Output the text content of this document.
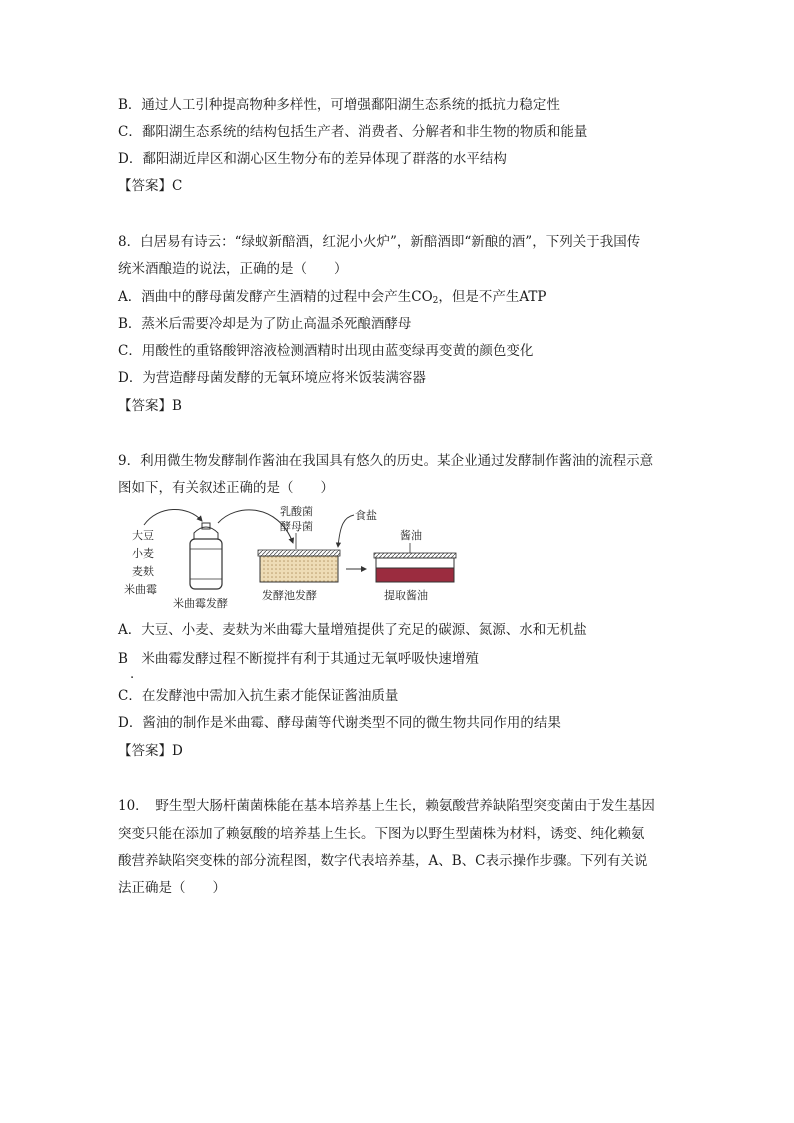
B．通过人工引种提高物种多样性，可增强鄱阳湖生态系统的抵抗力稳定性
C．鄱阳湖生态系统的结构包括生产者、消费者、分解者和非生物的物质和能量
D．鄱阳湖近岸区和湖心区生物分布的差异体现了群落的水平结构
【答案】C
8．白居易有诗云：“绿蚁新醅酒，红泥小火炉”，新醅酒即“新酿的酒”，下列关于我国传
统米酒酿造的说法，正确的是（　　）
A．酒曲中的酵母菌发酵产生酒精的过程中会产生$CO_2$，但是不产生ATP
B．蒸米后需要冷却是为了防止高温杀死酿酒酵母
C．用酸性的重铬酸钾溶液检测酒精时出现由蓝变绿再变黄的颜色变化
D．为营造酵母菌发酵的无氧环境应将米饭装满容器
【答案】B
9．利用微生物发酵制作酱油在我国具有悠久的历史。某企业通过发酵制作酱油的流程示意
图如下，有关叙述正确的是（　　）
大豆
小麦
麦麸
米曲霉
米曲霉发酵
乳酸菌
酵母菌
食盐
发酵池发酵
酱油
提取酱油
A．大豆、小麦、麦麸为米曲霉大量增殖提供了充足的碳源、氮源、水和无机盐
B　米曲霉发酵过程不断搅拌有利于其通过无氧呼吸快速增殖
.
C．在发酵池中需加入抗生素才能保证酱油质量
D．酱油的制作是米曲霉、酵母菌等代谢类型不同的微生物共同作用的结果
【答案】D
10．　野生型大肠杆菌菌株能在基本培养基上生长，赖氨酸营养缺陷型突变菌由于发生基因
突变只能在添加了赖氨酸的培养基上生长。下图为以野生型菌株为材料，诱变、纯化赖氨
酸营养缺陷突变株的部分流程图，数字代表培养基，A、B、C表示操作步骤。下列有关说
法正确是（　　）
